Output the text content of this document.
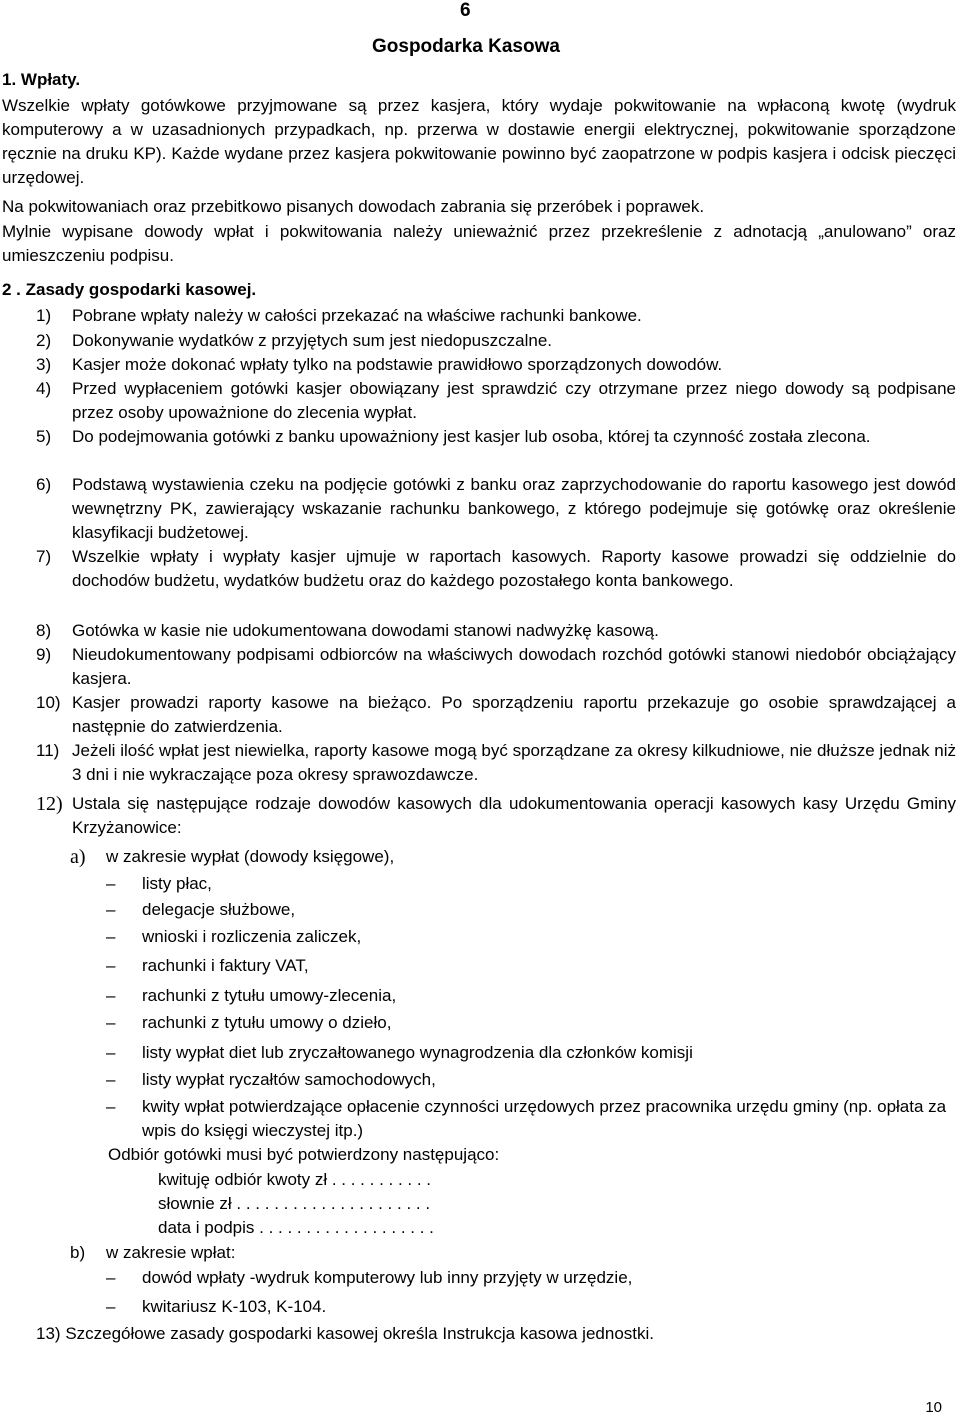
6
Gospodarka Kasowa
1. Wpłaty.
Wszelkie wpłaty gotówkowe przyjmowane są przez kasjera, który wydaje pokwitowanie na wpłaconą kwotę (wydruk komputerowy a w uzasadnionych przypadkach, np. przerwa w dostawie energii elektrycznej, pokwitowanie sporządzone ręcznie na druku KP). Każde wydane przez kasjera pokwitowanie powinno być zaopatrzone w podpis kasjera i odcisk pieczęci urzędowej.
Na pokwitowaniach oraz przebitkowo pisanych dowodach zabrania się przeróbek i poprawek.
Mylnie wypisane dowody wpłat i pokwitowania należy unieważnić przez przekreślenie z adnotacją „anulowano” oraz umieszczeniu podpisu.
2 . Zasady gospodarki kasowej.
1) Pobrane wpłaty należy w całości przekazać na właściwe rachunki bankowe.
2) Dokonywanie wydatków z przyjętych sum jest niedopuszczalne.
3) Kasjer może dokonać wpłaty tylko na podstawie prawidłowo sporządzonych dowodów.
4) Przed wypłaceniem gotówki kasjer obowiązany jest sprawdzić czy otrzymane przez niego dowody są podpisane przez osoby upoważnione do zlecenia wypłat.
5) Do podejmowania gotówki z banku upoważniony jest kasjer lub osoba, której ta czynność została zlecona.
6) Podstawą wystawienia czeku na podjęcie gotówki z banku oraz zaprzychodowanie do raportu kasowego jest dowód wewnętrzny PK, zawierający wskazanie rachunku bankowego, z którego podejmuje się gotówkę oraz określenie klasyfikacji budżetowej.
7) Wszelkie wpłaty i wypłaty kasjer ujmuje w raportach kasowych. Raporty kasowe prowadzi się oddzielnie do dochodów budżetu, wydatków budżetu oraz do każdego pozostałego konta bankowego.
8) Gotówka w kasie nie udokumentowana dowodami stanowi nadwyżkę kasową.
9) Nieudokumentowany podpisami odbiorców na właściwych dowodach rozchód gotówki stanowi niedobór obciążający kasjera.
10) Kasjer prowadzi raporty kasowe na bieżąco. Po sporządzeniu raportu przekazuje go osobie sprawdzającej a następnie do zatwierdzenia.
11) Jeżeli ilość wpłat jest niewielka, raporty kasowe mogą być sporządzane za okresy kilkudniowe, nie dłuższe jednak niż 3 dni i nie wykraczające poza okresy sprawozdawcze.
12) Ustala się następujące rodzaje dowodów kasowych dla udokumentowania operacji kasowych kasy Urzędu Gminy Krzyżanowice:
a) w zakresie wypłat (dowody księgowe),
– listy płac,
– delegacje służbowe,
– wnioski i rozliczenia zaliczek,
– rachunki i faktury VAT,
– rachunki z tytułu umowy-zlecenia,
– rachunki z tytułu umowy o dzieło,
– listy wypłat diet lub zryczałtowanego wynagrodzenia dla członków komisji
– listy wypłat ryczałtów samochodowych,
– kwity wpłat potwierdzające opłacenie czynności urzędowych przez pracownika urzędu gminy (np. opłata za wpis do księgi wieczystej itp.)
Odbiór gotówki musi być potwierdzony następująco:
kwituję odbiór kwoty zł . . . . . . . . . . .
słownie zł . . . . . . . . . . . . . . . . . . . . .
data i podpis . . . . . . . . . . . . . . . . . . .
b) w zakresie wpłat:
– dowód wpłaty -wydruk komputerowy lub inny przyjęty w urzędzie,
– kwitariusz K-103, K-104.
13) Szczegółowe zasady gospodarki kasowej określa Instrukcja kasowa jednostki.
10
